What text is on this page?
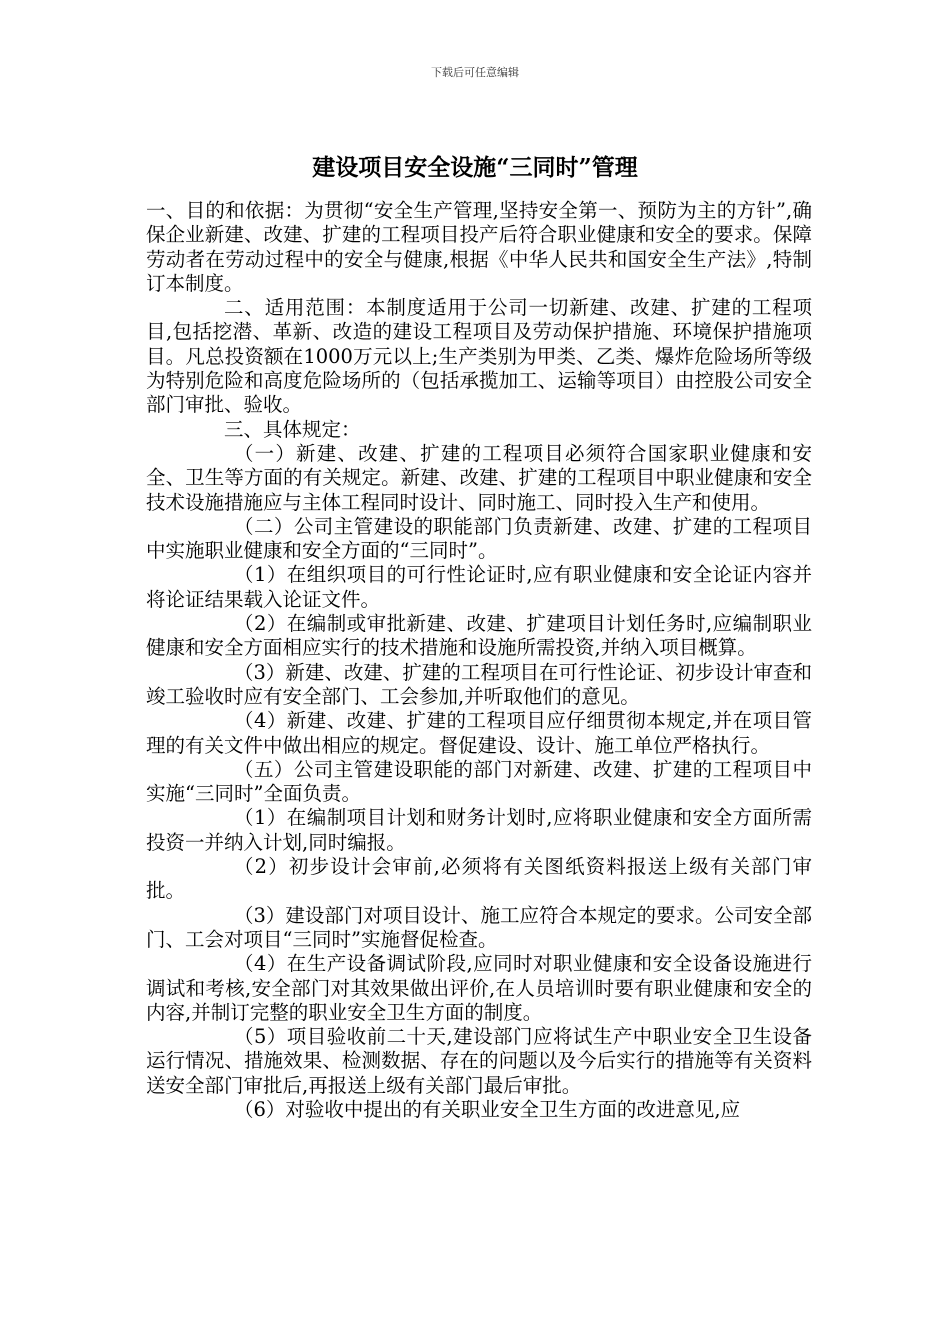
下载后可任意编辑
建设项目安全设施“三同时”管理

一、目的和依据：为贯彻“安全生产管理,坚持安全第一、预防为主的方针”,确保企业新建、改建、扩建的工程项目投产后符合职业健康和安全的要求。保障劳动者在劳动过程中的安全与健康,根据《中华人民共和国安全生产法》,特制订本制度。

二、适用范围：本制度适用于公司一切新建、改建、扩建的工程项目,包括挖潜、革新、改造的建设工程项目及劳动保护措施、环境保护措施项目。凡总投资额在1000万元以上;生产类别为甲类、乙类、爆炸危险场所等级为特别危险和高度危险场所的（包括承揽加工、运输等项目）由控股公司安全部门审批、验收。

三、具体规定：

（一）新建、改建、扩建的工程项目必须符合国家职业健康和安全、卫生等方面的有关规定。新建、改建、扩建的工程项目中职业健康和安全技术设施措施应与主体工程同时设计、同时施工、同时投入生产和使用。

（二）公司主管建设的职能部门负责新建、改建、扩建的工程项目中实施职业健康和安全方面的“三同时”。

（1）在组织项目的可行性论证时,应有职业健康和安全论证内容并将论证结果载入论证文件。

（2）在编制或审批新建、改建、扩建项目计划任务时,应编制职业健康和安全方面相应实行的技术措施和设施所需投资,并纳入项目概算。

（3）新建、改建、扩建的工程项目在可行性论证、初步设计审查和竣工验收时应有安全部门、工会参加,并听取他们的意见。

（4）新建、改建、扩建的工程项目应仔细贯彻本规定,并在项目管理的有关文件中做出相应的规定。督促建设、设计、施工单位严格执行。

（五）公司主管建设职能的部门对新建、改建、扩建的工程项目中实施“三同时”全面负责。

（1）在编制项目计划和财务计划时,应将职业健康和安全方面所需投资一并纳入计划,同时编报。

（2）初步设计会审前,必须将有关图纸资料报送上级有关部门审批。

（3）建设部门对项目设计、施工应符合本规定的要求。公司安全部门、工会对项目“三同时”实施督促检查。

（4）在生产设备调试阶段,应同时对职业健康和安全设备设施进行调试和考核,安全部门对其效果做出评价,在人员培训时要有职业健康和安全的内容,并制订完整的职业安全卫生方面的制度。

（5）项目验收前二十天,建设部门应将试生产中职业安全卫生设备运行情况、措施效果、检测数据、存在的问题以及今后实行的措施等有关资料送安全部门审批后,再报送上级有关部门最后审批。

（6）对验收中提出的有关职业安全卫生方面的改进意见,应
